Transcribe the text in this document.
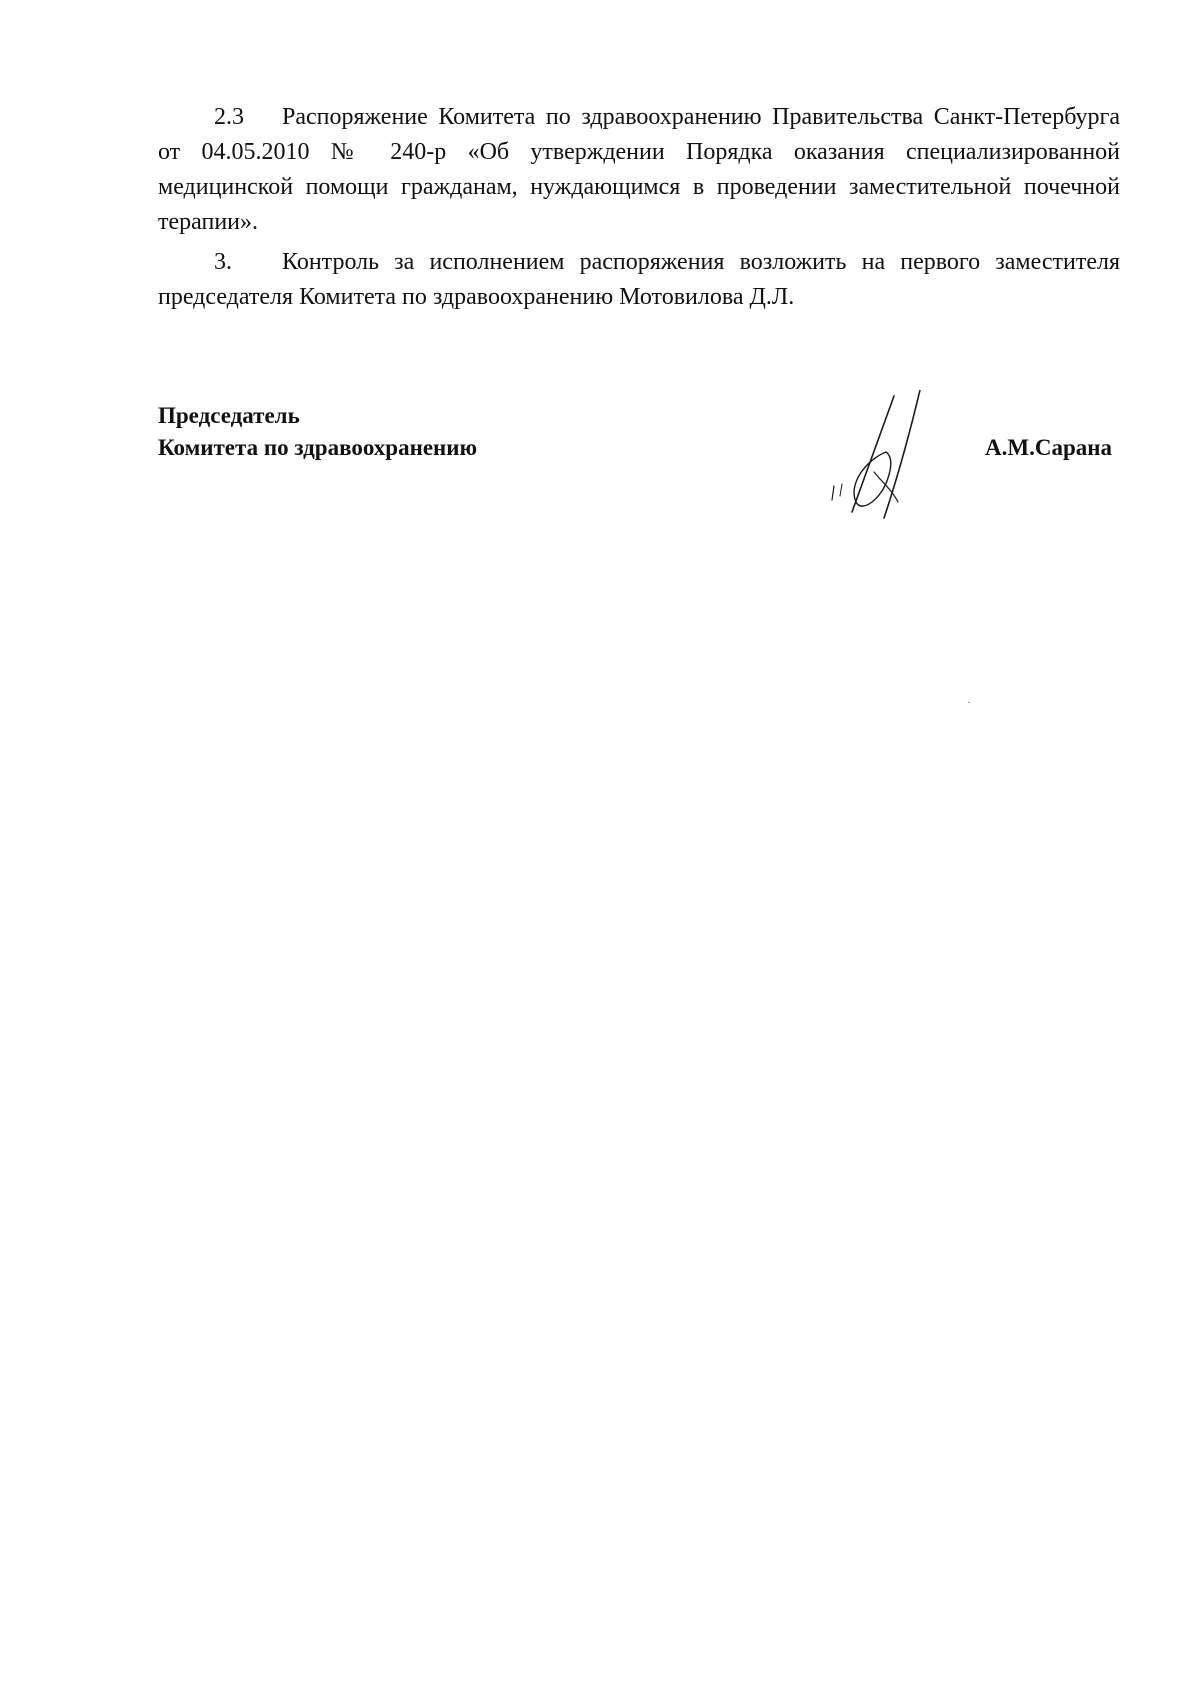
2.3 Распоряжение Комитета по здравоохранению Правительства Санкт-Петербурга от 04.05.2010 № 240-р «Об утверждении Порядка оказания специализированной медицинской помощи гражданам, нуждающимся в проведении заместительной почечной терапии».

3. Контроль за исполнением распоряжения возложить на первого заместителя председателя Комитета по здравоохранению Мотовилова Д.Л.

Председатель
Комитета по здравоохранению	А.М.Сарана
